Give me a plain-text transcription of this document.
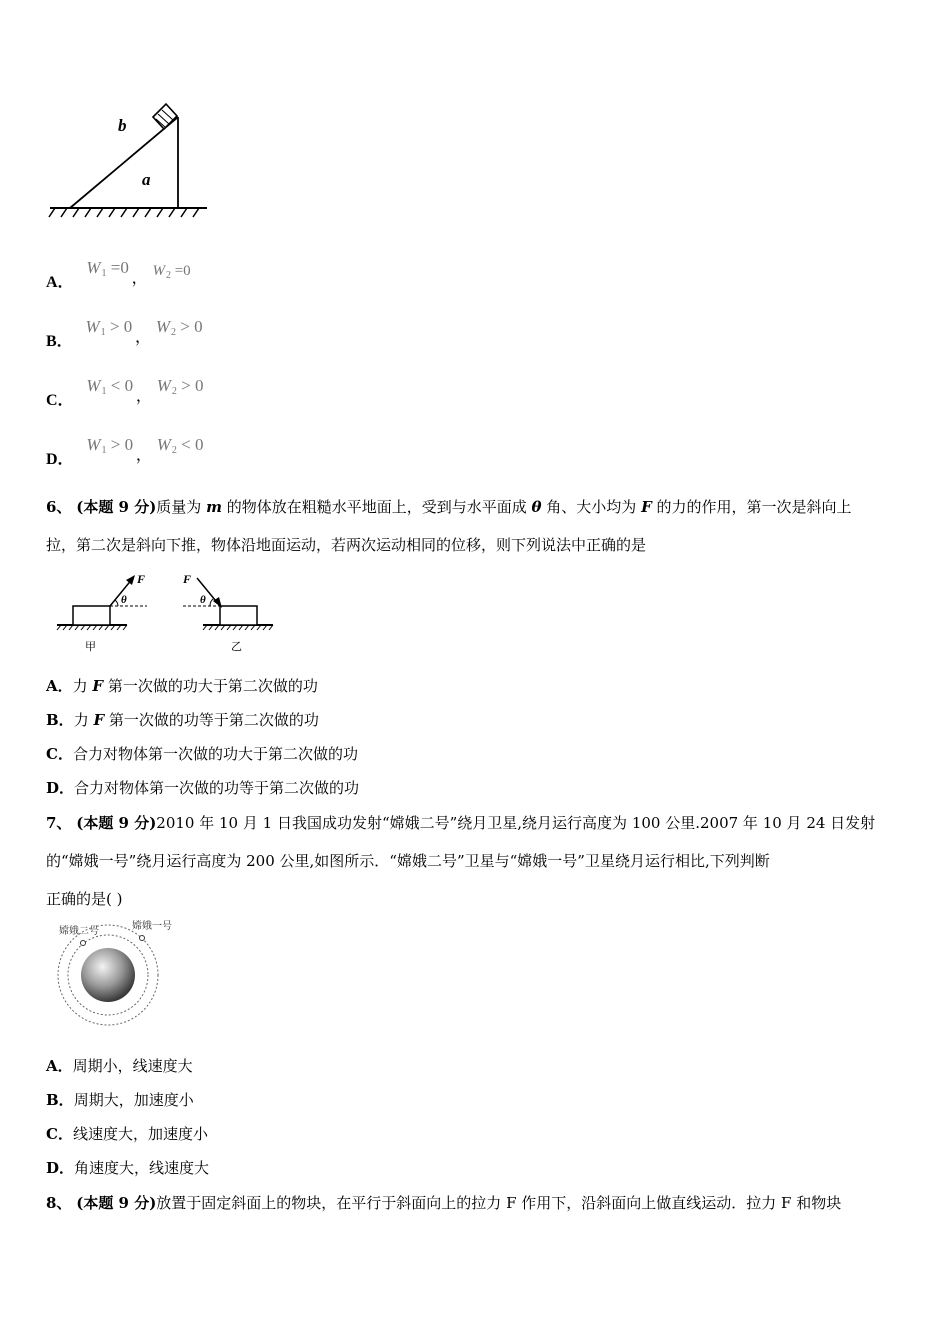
b
a
A． $W_1 =0$ ， $W_2 =0$
B． $W_1 > 0$ ， $W_2 > 0$
C． $W_1 < 0$ ， $W_2 > 0$
D． $W_1 > 0$ ， $W_2 < 0$
6、 (本题 9 分)质量为 m 的物体放在粗糙水平地面上，受到与水平面成 θ 角、大小均为 F 的力的作用，第一次是斜向上
拉，第二次是斜向下推，物体沿地面运动，若两次运动相同的位移，则下列说法中正确的是
F
θ
甲
F
θ
乙
A．力 F 第一次做的功大于第二次做的功
B．力 F 第一次做的功等于第二次做的功
C．合力对物体第一次做的功大于第二次做的功
D．合力对物体第一次做的功等于第二次做的功
7、 (本题 9 分)2010 年 10 月 1 日我国成功发射“嫦娥二号”绕月卫星,绕月运行高度为 100 公里.2007 年 10 月 24 日发射
的“嫦娥一号”绕月运行高度为 200 公里,如图所示．“嫦娥二号”卫星与“嫦娥一号”卫星绕月运行相比,下列判断
正确的是( )
嫦娥二号	嫦娥一号
A．周期小，线速度大
B．周期大，加速度小
C．线速度大，加速度小
D．角速度大，线速度大
8、 (本题 9 分)放置于固定斜面上的物块，在平行于斜面向上的拉力 F 作用下，沿斜面向上做直线运动．拉力 F 和物块
